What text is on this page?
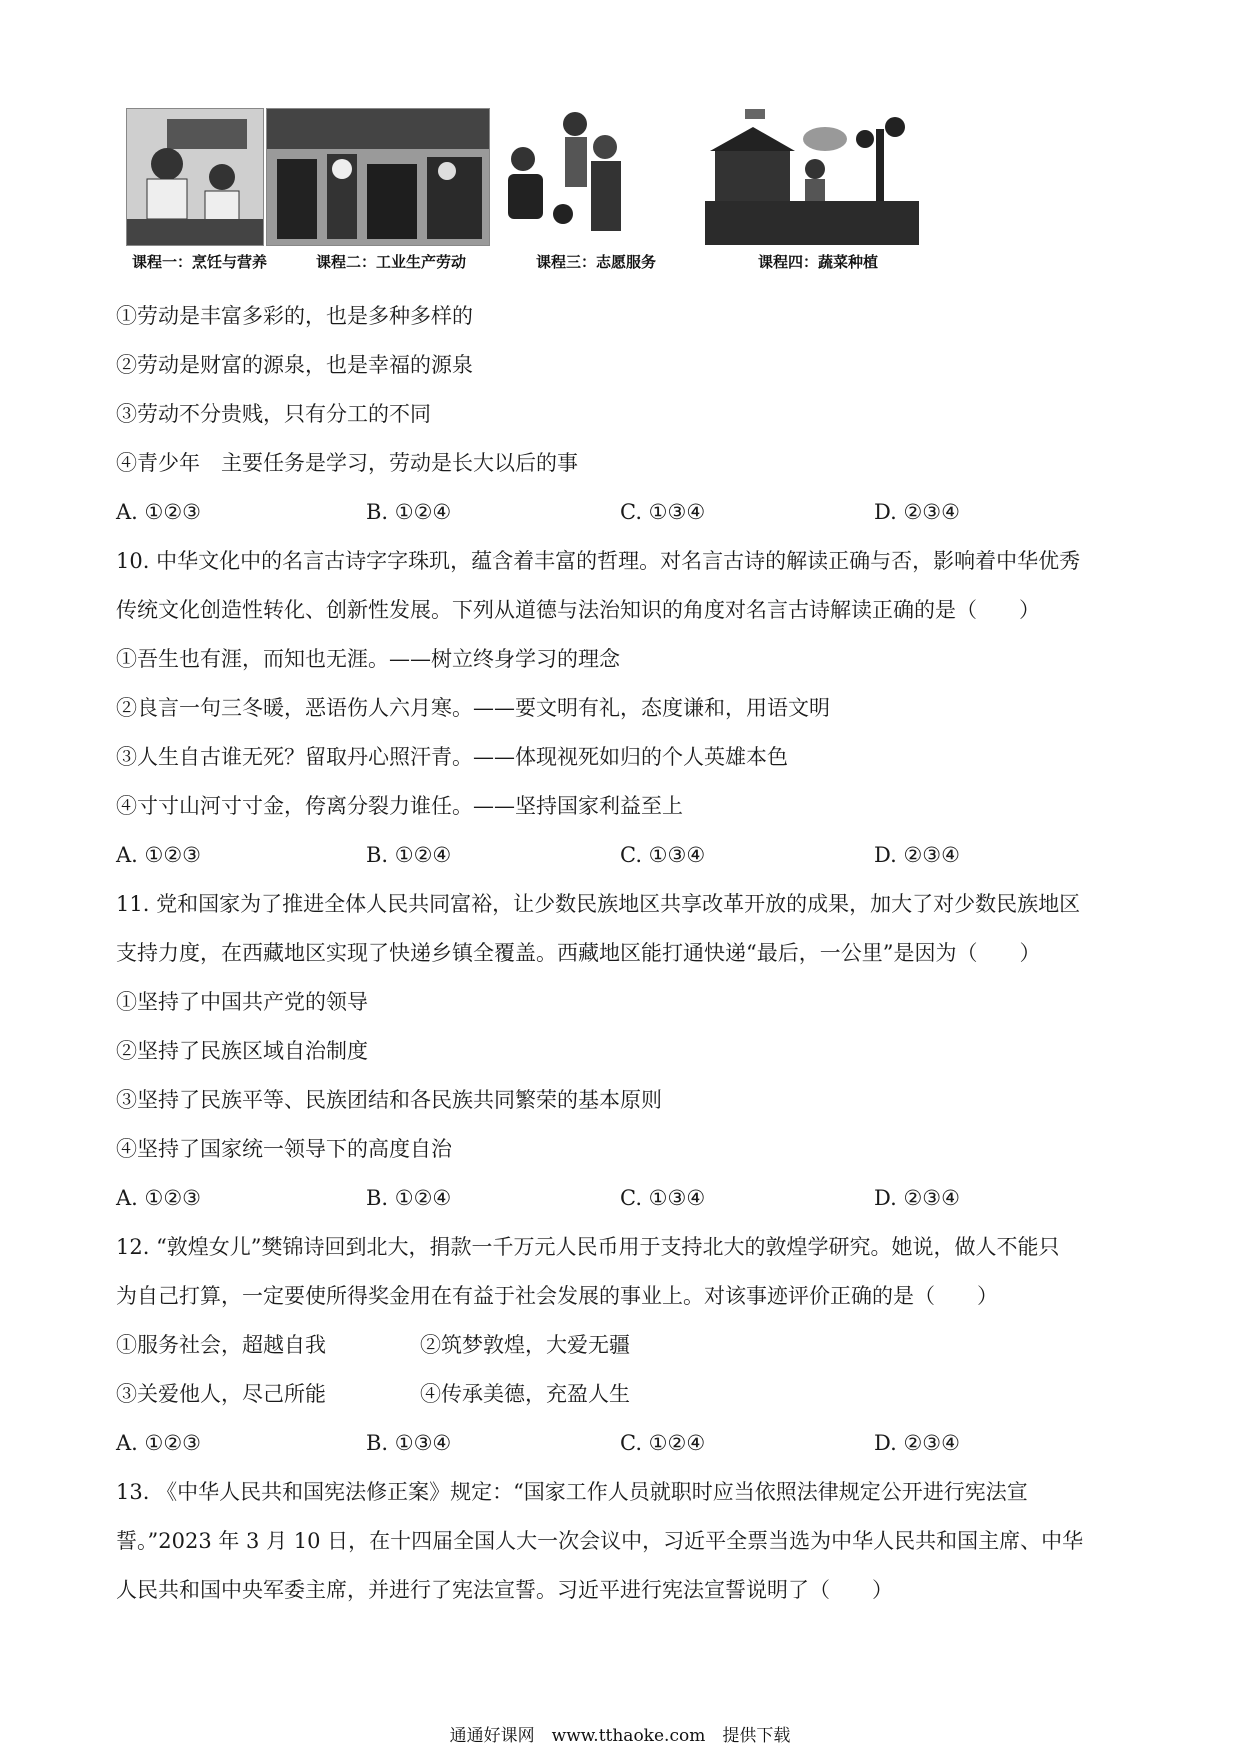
课程一：烹饪与营养	课程二：工业生产劳动	课程三：志愿服务	课程四：蔬菜种植
①劳动是丰富多彩的，也是多种多样的
②劳动是财富的源泉，也是幸福的源泉
③劳动不分贵贱，只有分工的不同
④青少年　主要任务是学习，劳动是长大以后的事
A. ①②③	B. ①②④	C. ①③④	D. ②③④
10. 中华文化中的名言古诗字字珠玑，蕴含着丰富的哲理。对名言古诗的解读正确与否，影响着中华优秀
传统文化创造性转化、创新性发展。下列从道德与法治知识的角度对名言古诗解读正确的是（　　）
①吾生也有涯，而知也无涯。——树立终身学习的理念
②良言一句三冬暖，恶语伤人六月寒。——要文明有礼，态度谦和，用语文明
③人生自古谁无死？留取丹心照汗青。——体现视死如归的个人英雄本色
④寸寸山河寸寸金，侉离分裂力谁任。——坚持国家利益至上
A. ①②③	B. ①②④	C. ①③④	D. ②③④
11. 党和国家为了推进全体人民共同富裕，让少数民族地区共享改革开放的成果，加大了对少数民族地区
支持力度，在西藏地区实现了快递乡镇全覆盖。西藏地区能打通快递“最后，一公里”是因为（　　）
①坚持了中国共产党的领导
②坚持了民族区域自治制度
③坚持了民族平等、民族团结和各民族共同繁荣的基本原则
④坚持了国家统一领导下的高度自治
A. ①②③	B. ①②④	C. ①③④	D. ②③④
12. “敦煌女儿”樊锦诗回到北大，捐款一千万元人民币用于支持北大的敦煌学研究。她说，做人不能只
为自己打算，一定要使所得奖金用在有益于社会发展的事业上。对该事迹评价正确的是（　　）
①服务社会，超越自我	②筑梦敦煌，大爱无疆
③关爱他人，尽己所能	④传承美德，充盈人生
A. ①②③	B. ①③④	C. ①②④	D. ②③④
13. 《中华人民共和国宪法修正案》规定：“国家工作人员就职时应当依照法律规定公开进行宪法宣
誓。”2023 年 3 月 10 日，在十四届全国人大一次会议中，习近平全票当选为中华人民共和国主席、中华
人民共和国中央军委主席，并进行了宪法宣誓。习近平进行宪法宣誓说明了（　　）
通通好课网　www.tthaoke.com　提供下载
